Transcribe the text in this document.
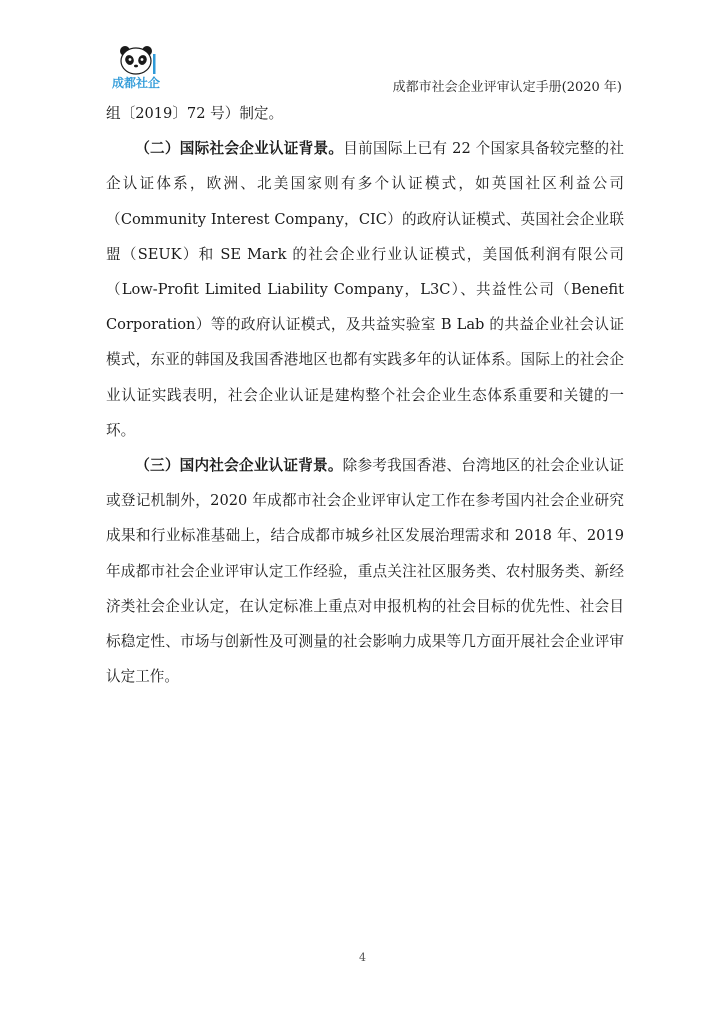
成都社企	成都市社会企业评审认定手册(2020 年)

组〔2019〕72 号）制定。

（二）国际社会企业认证背景。目前国际上已有 22 个国家具备较完整的社企认证体系，欧洲、北美国家则有多个认证模式，如英国社区利益公司（Community Interest Company，CIC）的政府认证模式、英国社会企业联盟（SEUK）和 SE Mark 的社会企业行业认证模式，美国低利润有限公司（Low-Profit Limited Liability Company，L3C）、共益性公司（Benefit Corporation）等的政府认证模式，及共益实验室 B Lab 的共益企业社会认证模式，东亚的韩国及我国香港地区也都有实践多年的认证体系。国际上的社会企业认证实践表明，社会企业认证是建构整个社会企业生态体系重要和关键的一环。

（三）国内社会企业认证背景。除参考我国香港、台湾地区的社会企业认证或登记机制外，2020 年成都市社会企业评审认定工作在参考国内社会企业研究成果和行业标准基础上，结合成都市城乡社区发展治理需求和 2018 年、2019 年成都市社会企业评审认定工作经验，重点关注社区服务类、农村服务类、新经济类社会企业认定，在认定标准上重点对申报机构的社会目标的优先性、社会目标稳定性、市场与创新性及可测量的社会影响力成果等几方面开展社会企业评审认定工作。

4
